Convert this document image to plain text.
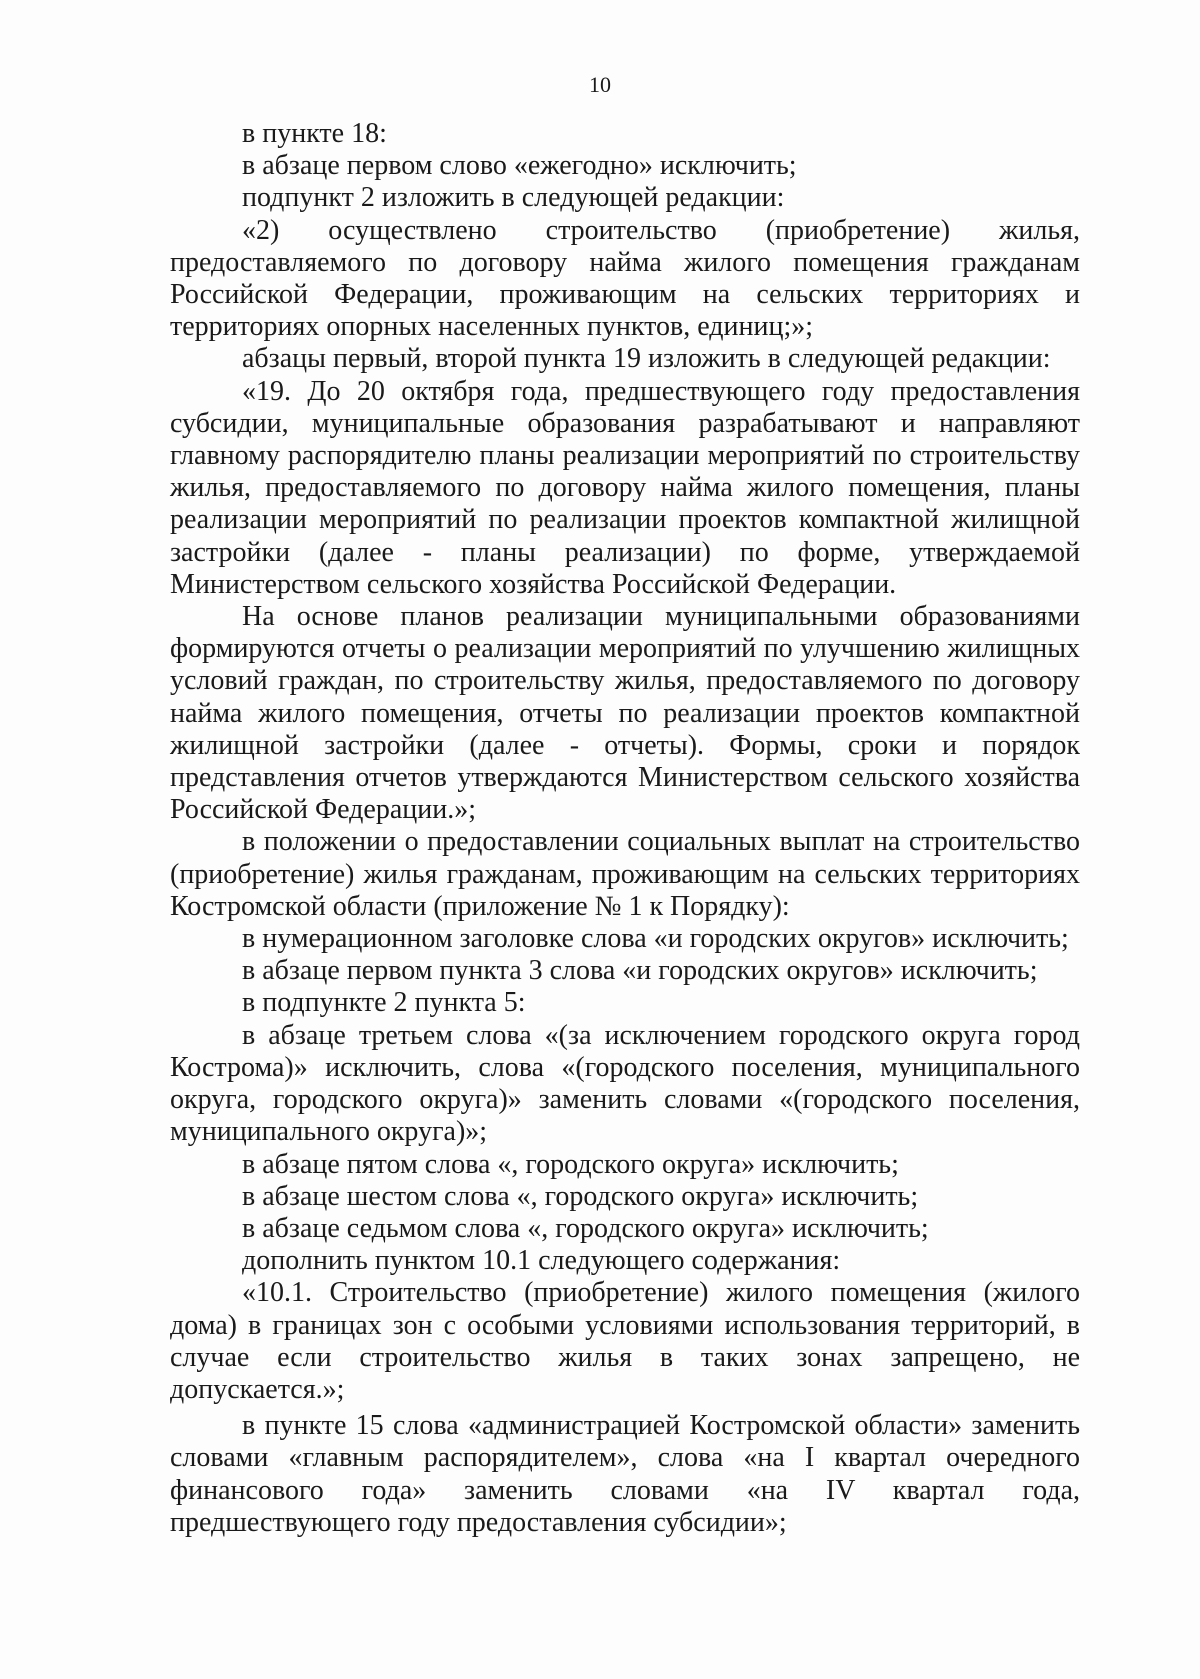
10

в пункте 18:

в абзаце первом слово «ежегодно» исключить;

подпункт 2 изложить в следующей редакции:

«2) осуществлено строительство (приобретение) жилья, предоставляемого по договору найма жилого помещения гражданам Российской Федерации, проживающим на сельских территориях и территориях опорных населенных пунктов, единиц;»;

абзацы первый, второй пункта 19 изложить в следующей редакции:

«19. До 20 октября года, предшествующего году предоставления субсидии, муниципальные образования разрабатывают и направляют главному распорядителю планы реализации мероприятий по строительству жилья, предоставляемого по договору найма жилого помещения, планы реализации мероприятий по реализации проектов компактной жилищной застройки (далее - планы реализации) по форме, утверждаемой Министерством сельского хозяйства Российской Федерации.

На основе планов реализации муниципальными образованиями формируются отчеты о реализации мероприятий по улучшению жилищных условий граждан, по строительству жилья, предоставляемого по договору найма жилого помещения, отчеты по реализации проектов компактной жилищной застройки (далее - отчеты). Формы, сроки и порядок представления отчетов утверждаются Министерством сельского хозяйства Российской Федерации.»;

в положении о предоставлении социальных выплат на строительство (приобретение) жилья гражданам, проживающим на сельских территориях Костромской области (приложение № 1 к Порядку):

в нумерационном заголовке слова «и городских округов» исключить;

в абзаце первом пункта 3 слова «и городских округов» исключить;

в подпункте 2 пункта 5:

в абзаце третьем слова «(за исключением городского округа город Кострома)» исключить, слова «(городского поселения, муниципального округа, городского округа)» заменить словами «(городского поселения, муниципального округа)»;

в абзаце пятом слова «, городского округа» исключить;

в абзаце шестом слова «, городского округа» исключить;

в абзаце седьмом слова «, городского округа» исключить;

дополнить пунктом 10.1 следующего содержания:

«10.1. Строительство (приобретение) жилого помещения (жилого дома) в границах зон с особыми условиями использования территорий, в случае если строительство жилья в таких зонах запрещено, не допускается.»;

в пункте 15 слова «администрацией Костромской области» заменить словами «главным распорядителем», слова «на I квартал очередного финансового года» заменить словами «на IV квартал года, предшествующего году предоставления субсидии»;
